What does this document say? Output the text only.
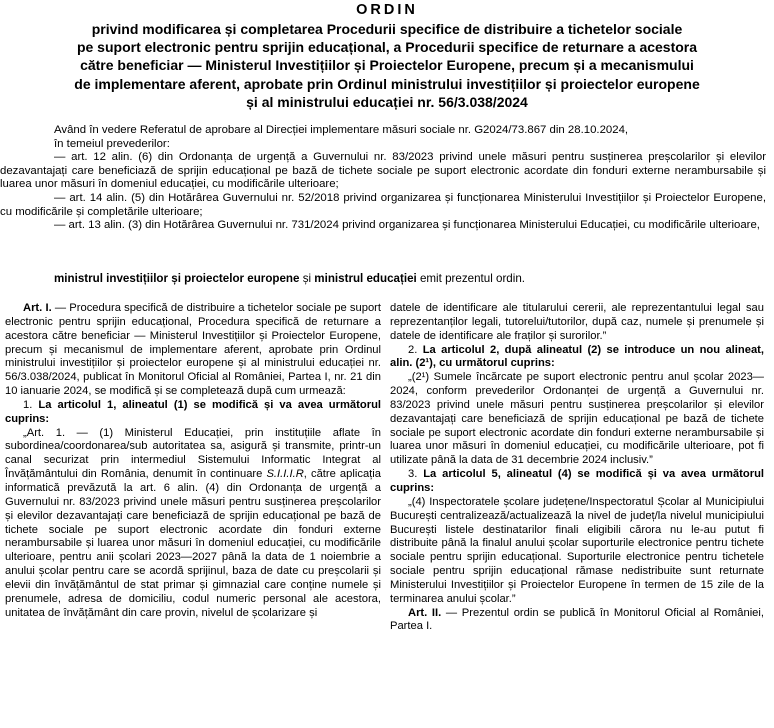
ORDIN
privind modificarea și completarea Procedurii specifice de distribuire a tichetelor sociale
pe suport electronic pentru sprijin educațional, a Procedurii specifice de returnare a acestora
către beneficiar — Ministerul Investițiilor și Proiectelor Europene, precum și a mecanismului
de implementare aferent, aprobate prin Ordinul ministrului investițiilor și proiectelor europene
și al ministrului educației nr. 56/3.038/2024

Având în vedere Referatul de aprobare al Direcției implementare măsuri sociale nr. G2024/73.867 din 28.10.2024,

în temeiul prevederilor:

— art. 12 alin. (6) din Ordonanța de urgență a Guvernului nr. 83/2023 privind unele măsuri pentru susținerea preșcolarilor și elevilor dezavantajați care beneficiază de sprijin educațional pe bază de tichete sociale pe suport electronic acordate din fonduri externe nerambursabile și luarea unor măsuri în domeniul educației, cu modificările ulterioare;

— art. 14 alin. (5) din Hotărârea Guvernului nr. 52/2018 privind organizarea și funcționarea Ministerului Investițiilor și Proiectelor Europene, cu modificările și completările ulterioare;

— art. 13 alin. (3) din Hotărârea Guvernului nr. 731/2024 privind organizarea și funcționarea Ministerului Educației, cu modificările ulterioare,

ministrul investițiilor și proiectelor europene și ministrul educației emit prezentul ordin.

Art. I. — Procedura specifică de distribuire a tichetelor sociale pe suport electronic pentru sprijin educațional, Procedura specifică de returnare a acestora către beneficiar — Ministerul Investițiilor și Proiectelor Europene, precum și mecanismul de implementare aferent, aprobate prin Ordinul ministrului investițiilor și proiectelor europene și al ministrului educației nr. 56/3.038/2024, publicat în Monitorul Oficial al României, Partea I, nr. 21 din 10 ianuarie 2024, se modifică și se completează după cum urmează:

1. La articolul 1, alineatul (1) se modifică și va avea următorul cuprins:

„Art. 1. — (1) Ministerul Educației, prin instituțiile aflate în subordinea/coordonarea/sub autoritatea sa, asigură și transmite, printr-un canal securizat prin intermediul Sistemului Informatic Integrat al Învățământului din România, denumit în continuare S.I.I.I.R, către aplicația informatică prevăzută la art. 6 alin. (4) din Ordonanța de urgență a Guvernului nr. 83/2023 privind unele măsuri pentru susținerea preșcolarilor și elevilor dezavantajați care beneficiază de sprijin educațional pe bază de tichete sociale pe suport electronic acordate din fonduri externe nerambursabile și luarea unor măsuri în domeniul educației, cu modificările ulterioare, pentru anii școlari 2023—2027 până la data de 1 noiembrie a anului școlar pentru care se acordă sprijinul, baza de date cu preșcolarii și elevii din învățământul de stat primar și gimnazial care conține numele și prenumele, adresa de domiciliu, codul numeric personal ale acestora, unitatea de învățământ din care provin, nivelul de școlarizare și

datele de identificare ale titularului cererii, ale reprezentantului legal sau reprezentanților legali, tutorelui/tutorilor, după caz, numele și prenumele și datele de identificare ale fraților și surorilor.”

2. La articolul 2, după alineatul (2) se introduce un nou alineat, alin. (2¹), cu următorul cuprins:

„(2¹) Sumele încărcate pe suport electronic pentru anul școlar 2023—2024, conform prevederilor Ordonanței de urgență a Guvernului nr. 83/2023 privind unele măsuri pentru susținerea preșcolarilor și elevilor dezavantajați care beneficiază de sprijin educațional pe bază de tichete sociale pe suport electronic acordate din fonduri externe nerambursabile și luarea unor măsuri în domeniul educației, cu modificările ulterioare, pot fi utilizate până la data de 31 decembrie 2024 inclusiv.”

3. La articolul 5, alineatul (4) se modifică și va avea următorul cuprins:

„(4) Inspectoratele școlare județene/Inspectoratul Școlar al Municipiului București centralizează/actualizează la nivel de județ/la nivelul municipiului București listele destinatarilor finali eligibili cărora nu le-au putut fi distribuite până la finalul anului școlar suporturile electronice pentru tichete sociale pentru sprijin educațional. Suporturile electronice pentru tichetele sociale pentru sprijin educațional rămase nedistribuite sunt returnate Ministerului Investițiilor și Proiectelor Europene în termen de 15 zile de la terminarea anului școlar.”

Art. II. — Prezentul ordin se publică în Monitorul Oficial al României, Partea I.
